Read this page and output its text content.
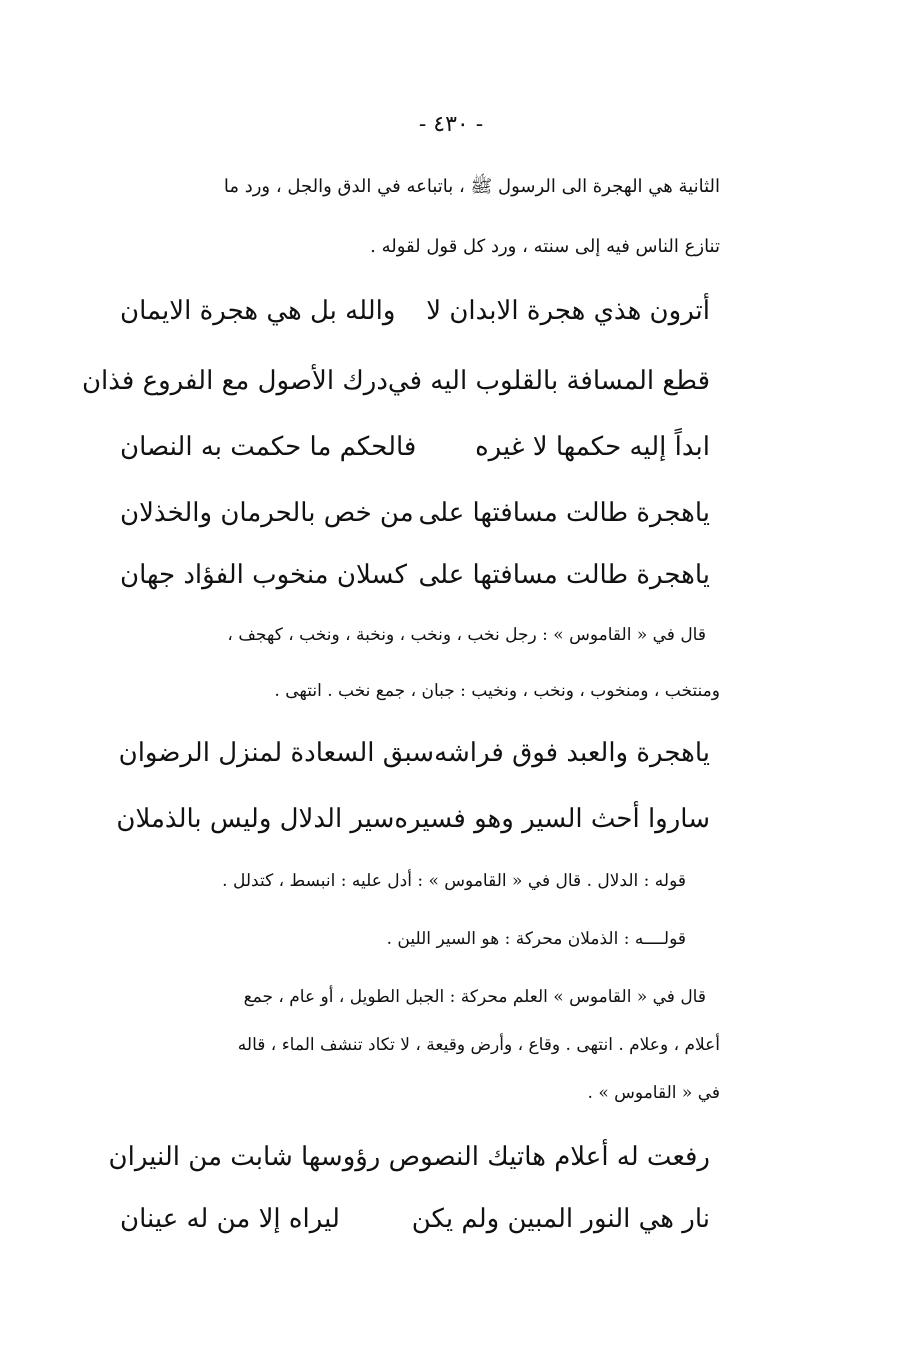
- ٤٣٠ -
الثانية هي الهجرة الى الرسول ﷺ ، باتباعه في الدق والجل ، ورد ما
تنازع الناس فيه إلى سنته ، ورد كل قول لقوله .
أترون هذي هجرة الابدان لا
والله بل هي هجرة الايمان
قطع المسافة بالقلوب اليه في
درك الأصول مع الفروع فذان
ابداً إليه حكمها لا غيره
فالحكم ما حكمت به النصان
ياهجرة طالت مسافتها على
من خص بالحرمان والخذلان
ياهجرة طالت مسافتها على
كسلان منخوب الفؤاد جهان
قال في « القاموس » : رجل نخب ، ونخب ، ونخبة ، ونخب ، كهجف ،
ومنتخب ، ومنخوب ، ونخب ، ونخيب : جبان ، جمع نخب . انتهى .
ياهجرة والعبد فوق فراشه
سبق السعادة لمنزل الرضوان
ساروا أحث السير وهو فسيره
سير الدلال وليس بالذملان
قوله : الدلال . قال في « القاموس » : أدل عليه : انبسط ، كتدلل .
قولــــه : الذملان محركة : هو السير اللين .
قال في « القاموس » العلم محركة : الجبل الطويل ، أو عام ، جمع
أعلام ، وعلام . انتهى . وقاع ، وأرض وقيعة ، لا تكاد تنشف الماء ، قاله
في « القاموس » .
رفعت له أعلام هاتيك النصو
ص رؤوسها شابت من النيران
نار هي النور المبين ولم يكن
ليراه إلا من له عينان
